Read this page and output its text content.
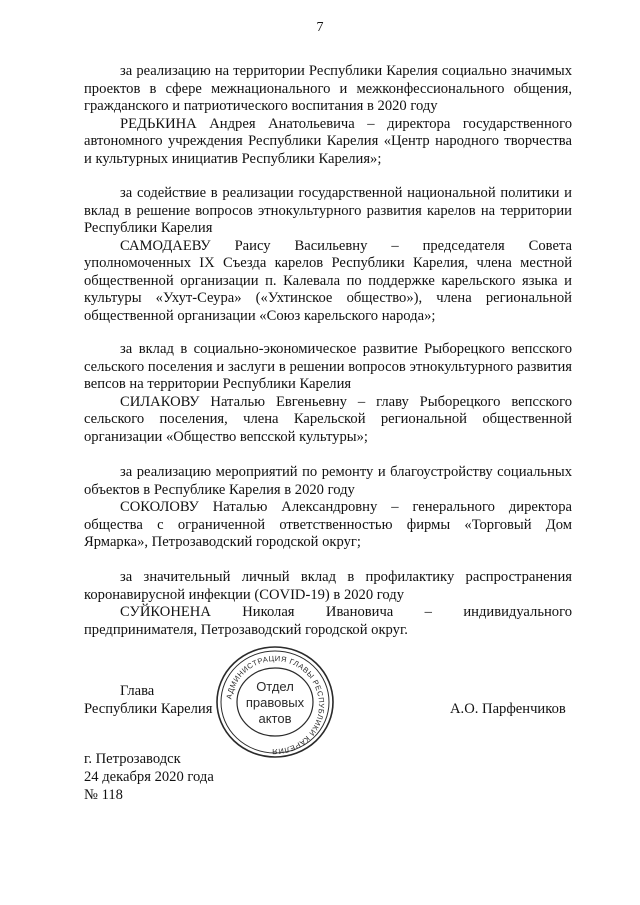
7

за реализацию на территории Республики Карелия социально значимых проектов в сфере межнационального и межконфессионального общения, гражданского и патриотического воспитания в 2020 году

РЕДЬКИНА Андрея Анатольевича – директора государственного автономного учреждения Республики Карелия «Центр народного творчества и культурных инициатив Республики Карелия»;

за содействие в реализации государственной национальной политики и вклад в решение вопросов этнокультурного развития карелов на территории Республики Карелия

САМОДАЕВУ Раису Васильевну – председателя Совета уполномоченных IX Съезда карелов Республики Карелия, члена местной общественной организации п. Калевала по поддержке карельского языка и культуры «Ухут-Сеура» («Ухтинское общество»), члена региональной общественной организации «Союз карельского народа»;

за вклад в социально-экономическое развитие Рыборецкого вепсского сельского поселения и заслуги в решении вопросов этнокультурного развития вепсов на территории Республики Карелия

СИЛАКОВУ Наталью Евгеньевну – главу Рыборецкого вепсского сельского поселения, члена Карельской региональной общественной организации «Общество вепсской культуры»;

за реализацию мероприятий по ремонту и благоустройству социальных объектов в Республике Карелия в 2020 году

СОКОЛОВУ Наталью Александровну – генерального директора общества с ограниченной ответственностью фирмы «Торговый Дом Ярмарка», Петрозаводский городской округ;

за значительный личный вклад в профилактику распространения коронавирусной инфекции (COVID-19) в 2020 году

СУЙКОНЕНА Николая Ивановича – индивидуального предпринимателя, Петрозаводский городской округ.

Глава
Республики Карелия	А.О. Парфенчиков
АДМИНИСТРАЦИЯ ГЛАВЫ РЕСПУБЛИКИ КАРЕЛИЯ
Отдел
правовых
актов
г. Петрозаводск
24 декабря 2020 года
№ 118
